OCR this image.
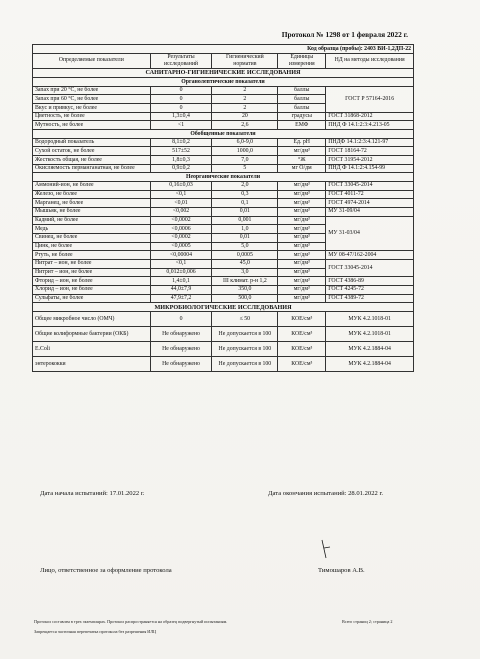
Протокол № 1298 от 1 февраля 2022 г.
Код образца (пробы): 2403 ВИ-1,2ДП-22				
Определяемые показатели	Результаты исследований	Гигиенический норматив	Единицы измерения	НД на методы исследования
САНИТАРНО-ГИГИЕНИЧЕСКИЕ ИССЛЕДОВАНИЯ				
Органолептические показатели				
Запах при 20 °С, не более	0	2	баллы	ГОСТ Р 57164-2016
Запах при 60 °С, не более	0	2	баллы	
Вкус и привкус, не более	0	2	баллы	
Цветность, не более	1,3±0,4	20	градусы	ГОСТ 31868-2012
Мутность, не более	<1	2,6	ЕМФ	ПНД Ф 14.1:2:3:4.213-05
Обобщенные показатели				
Водородный показатель	8,1±0,2	6,0-9,0	Ед. pH	ПНДФ 14.1:2:3:4.121-97
Сухой остаток, не более	517±52	1000,0	мг/дм³	ГОСТ 18164-72
Жесткость общая, не более	1,8±0,3	7,0	°Ж	ГОСТ 31954-2012
Окисляемость перманганатная, не более	0,9±0,2	5	мг O/дм	ПНД Ф 14.1:2:4.154-99
Неорганические показатели				
Аммоний-ион, не более	0,16±0,03	2,0	мг/дм³	ГОСТ 33045-2014
Железо, не более	<0,1	0,3	мг/дм³	ГОСТ 4011-72
Марганец, не более	<0,01	0,1	мг/дм³	ГОСТ 4974-2014
Мышьяк, не более	<0,002	0,01	мг/дм³	МУ 31-09/04
Кадмий, не более	<0,0002	0,001	мг/дм³	МУ 31-03/04
Медь	<0,0006	1,0	мг/дм³	
Свинец, не более	<0,0002	0,01	мг/дм³	
Цинк, не более	<0,0005	5,0	мг/дм³	
Ртуть, не более	<0,00004	0,0005	мг/дм³	МУ 08-47/162-2004
Нитрат – ион, не более	<0,1	45,0	мг/дм³	ГОСТ 33045-2014
Нитрит – ион, не более	0,012±0,006	3,0	мг/дм³	
Фторид – ион, не более	1,4±0,1	III климат. р-н 1,2	мг/дм³	ГОСТ 4386-89
Хлорид – ион, не более	44,0±7,9	350,0	мг/дм³	ГОСТ 4245-72
Сульфаты, не более	47,9±7,2	500,0	мг/дм³	ГОСТ 4389-72
МИКРОБИОЛОГИЧЕСКИЕ ИССЛЕДОВАНИЯ				
Общее микробное число (ОМЧ)	0	≤ 50	КОЕ/см³	МУК 4.2.1018-01
Общие колиформные бактерии (ОКБ)	Не обнаружено	Не допускается в 100	КОЕ/см³	МУК 4.2.1018-01
E.Coli	Не обнаружено	Не допускается в 100	КОЕ/см³	МУК 4.2.1884-04
энтерококки	Не обнаружено	Не допускается в 100	КОЕ/см³	МУК 4.2.1884-04
Дата начала испытаний: 17.01.2022 г.	Дата окончания испытаний: 28.01.2022 г.
Лицо, ответственное за оформление протокола	Тимошаров А.В.
Протокол составлен в трех экземплярах. Протокол распространяется на образец подвергнутый испытаниям.
Запрещается частичная перепечатка протокола без разрешения ИЛЦ
Всего страниц 2; страница 2
